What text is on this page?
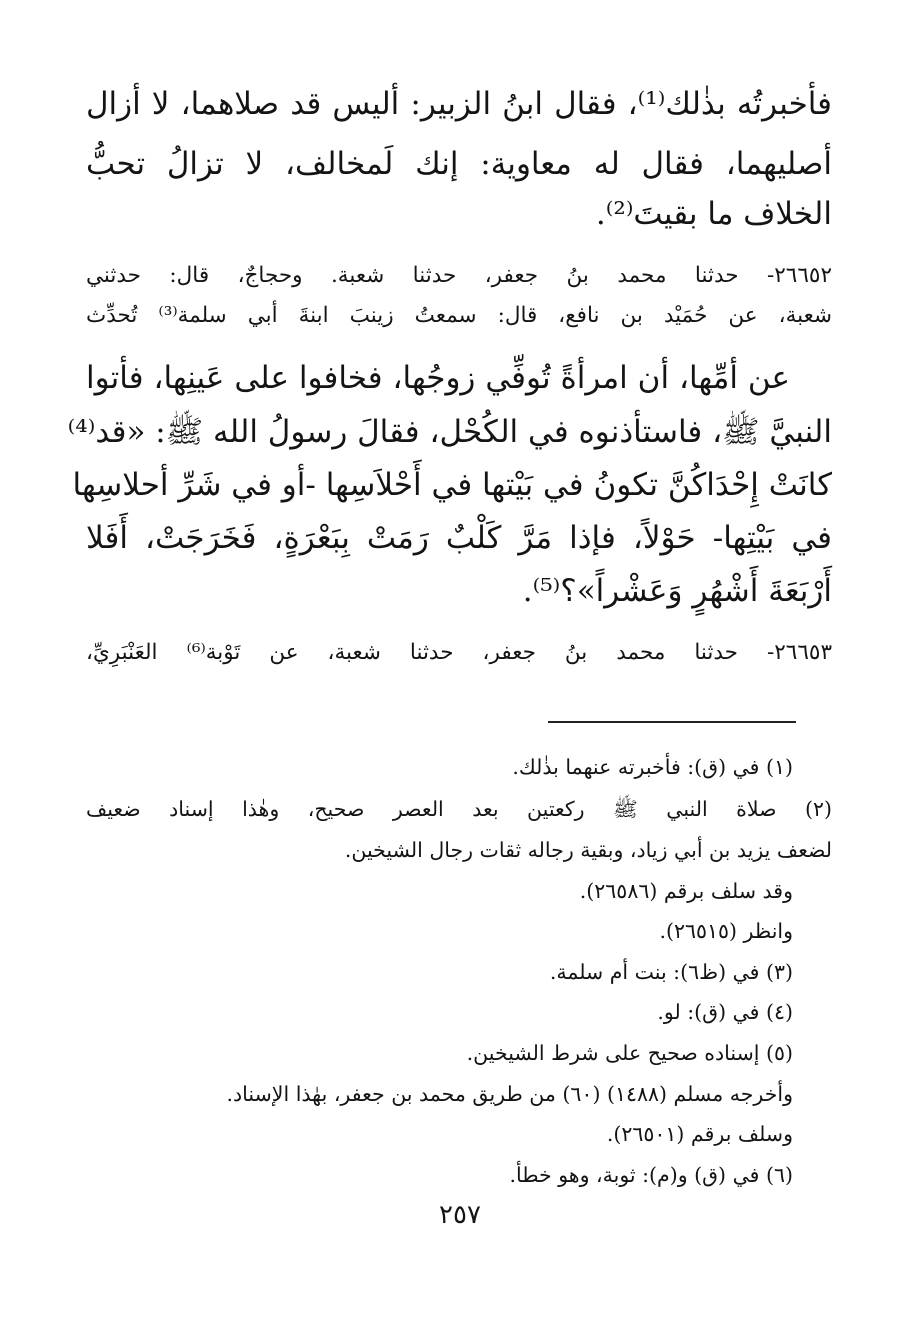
فأخبرتُه بذٰلك⁽¹⁾، فقال ابنُ الزبير: أليس قد صلاهما، لا أزال
أصليهما، فقال له معاوية: إنك لَمخالف، لا تزالُ تحبُّ
الخلاف ما بقيتَ⁽²⁾.
٢٦٦٥٢- حدثنا محمد بنُ جعفر، حدثنا شعبة. وحجاجٌ، قال: حدثني
شعبة، عن حُمَيْد بن نافع، قال: سمعتُ زينبَ ابنةَ أبي سلمة⁽³⁾ تُحدِّث
عن أمِّها، أن امرأةً تُوفِّي زوجُها، فخافوا على عَينِها، فأتوا
النبيَّ ﷺ، فاستأذنوه في الكُحْل، فقالَ رسولُ الله ﷺ: «قد⁽⁴⁾
كانَتْ إِحْدَاكُنَّ تكونُ في بَيْتها في أَحْلاَسِها -أو في شَرِّ أحلاسِها
في بَيْتِها- حَوْلاً، فإذا مَرَّ كَلْبٌ رَمَتْ بِبَعْرَةٍ، فَخَرَجَتْ، أَفَلا
أَرْبَعَةَ أَشْهُرٍ وَعَشْراً»؟⁽⁵⁾.
٢٦٦٥٣- حدثنا محمد بنُ جعفر، حدثنا شعبة، عن تَوْبة⁽⁶⁾ العَنْبَرِيِّ،
(١) في (ق): فأخبرته عنهما بذٰلك.
(٢) صلاة النبي ﷺ ركعتين بعد العصر صحيح، وهٰذا إسناد ضعيف
لضعف يزيد بن أبي زياد، وبقية رجاله ثقات رجال الشيخين.
وقد سلف برقم (٢٦٥٨٦).
وانظر (٢٦٥١٥).
(٣) في (ظ٦): بنت أم سلمة.
(٤) في (ق): لو.
(٥) إسناده صحيح على شرط الشيخين.
وأخرجه مسلم (١٤٨٨) (٦٠) من طريق محمد بن جعفر، بهٰذا الإسناد.
وسلف برقم (٢٦٥٠١).
(٦) في (ق) و(م): ثوبة، وهو خطأ.
٢٥٧
